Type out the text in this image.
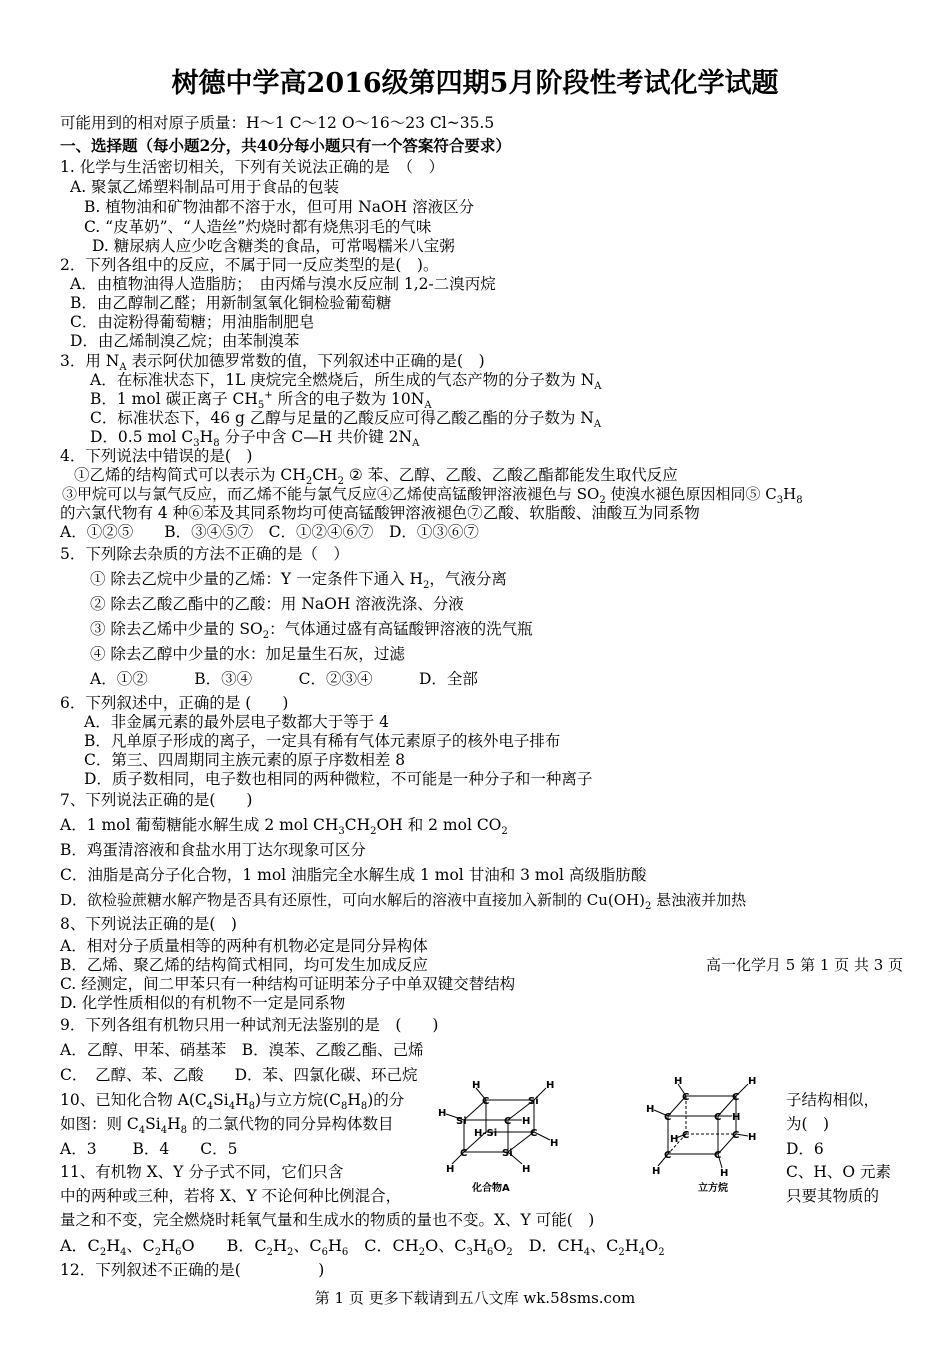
树德中学高2016级第四期5月阶段性考试化学试题
可能用到的相对原子质量：H～1 C～12 O～16～23 Cl~35.5
一、选择题（每小题2分，共40分每小题只有一个答案符合要求）
1. 化学与生活密切相关，下列有关说法正确的是　（　）
A. 聚氯乙烯塑料制品可用于食品的包装
B. 植物油和矿物油都不溶于水，但可用 NaOH 溶液区分
C. “皮革奶”、“人造丝”灼烧时都有烧焦羽毛的气味
D. 糖尿病人应少吃含糖类的食品，可常喝糯米八宝粥
2．下列各组中的反应，不属于同一反应类型的是(　)。
A．由植物油得人造脂肪；　由丙烯与溴水反应制 1,2-二溴丙烷
B．由乙醇制乙醛；用新制氢氧化铜检验葡萄糖
C．由淀粉得葡萄糖；用油脂制肥皂
D．由乙烯制溴乙烷；由苯制溴苯
3．用 $N_A$ 表示阿伏加德罗常数的值，下列叙述中正确的是(　)
A．在标准状态下，1L 庚烷完全燃烧后，所生成的气态产物的分子数为 $N_A$
B．1 mol 碳正离子 $CH_5^+$ 所含的电子数为 $10N_A$
C．标准状态下，46 g 乙醇与足量的乙酸反应可得乙酸乙酯的分子数为 $N_A$
D．0.5 mol $C_3H_8$ 分子中含 C—H 共价键 $2N_A$
4．下列说法中错误的是(　)
①乙烯的结构简式可以表示为 $CH_2CH_2$ ② 苯、乙醇、乙酸、乙酸乙酯都能发生取代反应
③甲烷可以与氯气反应，而乙烯不能与氯气反应④乙烯使高锰酸钾溶液褪色与 $SO_2$ 使溴水褪色原因相同⑤ $C_3H_8$
的六氯代物有 4 种⑥苯及其同系物均可使高锰酸钾溶液褪色⑦乙酸、软脂酸、油酸互为同系物
A．①②⑤　　B．③④⑤⑦　C．①②④⑥⑦　D．①③⑥⑦
5．下列除去杂质的方法不正确的是（　）
① 除去乙烷中少量的乙烯：Y 一定条件下通入 $H_2$，气液分离
② 除去乙酸乙酯中的乙酸：用 NaOH 溶液洗涤、分液
③ 除去乙烯中少量的 $SO_2$：气体通过盛有高锰酸钾溶液的洗气瓶
④ 除去乙醇中少量的水：加足量生石灰，过滤
A．①②　　　B．③④　　　C．②③④　　　D．全部
6．下列叙述中，正确的是 (　　)
A．非金属元素的最外层电子数都大于等于 4
B．凡单原子形成的离子，一定具有稀有气体元素原子的核外电子排布
C．第三、四周期同主族元素的原子序数相差 8
D．质子数相同，电子数也相同的两种微粒，不可能是一种分子和一种离子
7、下列说法正确的是(　　)
A．1 mol 葡萄糖能水解生成 2 mol $CH_3CH_2OH$ 和 2 mol $CO_2$
B．鸡蛋清溶液和食盐水用丁达尔现象可区分
C．油脂是高分子化合物，1 mol 油脂完全水解生成 1 mol 甘油和 3 mol 高级脂肪酸
D．欲检验蔗糖水解产物是否具有还原性，可向水解后的溶液中直接加入新制的 $Cu(OH)_2$ 悬浊液并加热
8、下列说法正确的是(　)
A．相对分子质量相等的两种有机物必定是同分异构体
B．乙烯、聚乙烯的结构简式相同，均可发生加成反应	高一化学月 5 第 1 页 共 3 页
C. 经测定，间二甲苯只有一种结构可证明苯分子中单双键交替结构
D. 化学性质相似的有机物不一定是同系物
9．下列各组有机物只用一种试剂无法鉴别的是　(　　)
A．乙醇、甲苯、硝基苯　B．溴苯、乙酸乙酯、己烯
C．　乙醇、苯、乙酸　　D．苯、四氯化碳、环己烷
10、已知化合物 $A(C_4Si_4H_8)$与立方烷$(C_8H_8)$的分	子结构相似，
如图：则 $C_4Si_4H_8$ 的二氯代物的同分异构体数目	为(　)
A．3　　 B．4　　C．5	D．6
C	Si
Si	C
H-Si	C
C	Si
H	H
H
H
H
H	H
化合物A
C	C
C	C
C	C
C	C
H	H
H
H
H	H
H	H
立方烷
11、有机物 X、Y 分子式不同，它们只含	C、H、O 元素
中的两种或三种，若将 X、Y 不论何种比例混合，	只要其物质的
量之和不变，完全燃烧时耗氧气量和生成水的物质的量也不变。X、Y 可能(　)
A．$C_2H_4$、$C_2H_6O$　　 B．$C_2H_2$、$C_6H_6$　 C．$CH_2O$、$C_3H_6O_2$　 D．$CH_4$、$C_2H_4O_2$
12．下列叙述不正确的是(　　　　　)
第 1 页 更多下载请到五八文库 wk.58sms.com
